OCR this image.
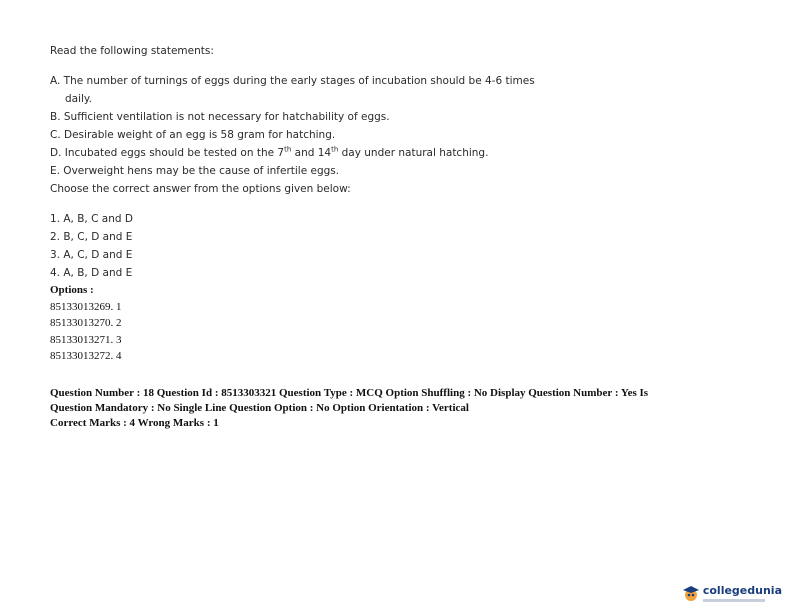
Read the following statements:
A. The number of turnings of eggs during the early stages of incubation should be 4-6 times
daily.
B. Sufficient ventilation is not necessary for hatchability of eggs.
C. Desirable weight of an egg is 58 gram for hatching.
D. Incubated eggs should be tested on the 7th and 14th day under natural hatching.
E. Overweight hens may be the cause of infertile eggs.
Choose the correct answer from the options given below:
1. A, B, C and D
2. B, C, D and E
3. A, C, D and E
4. A, B, D and E
Options :
85133013269. 1
85133013270. 2
85133013271. 3
85133013272. 4
Question Number : 18 Question Id : 8513303321 Question Type : MCQ Option Shuffling : No Display Question Number : Yes Is
Question Mandatory : No Single Line Question Option : No Option Orientation : Vertical
Correct Marks : 4 Wrong Marks : 1
collegedunia
